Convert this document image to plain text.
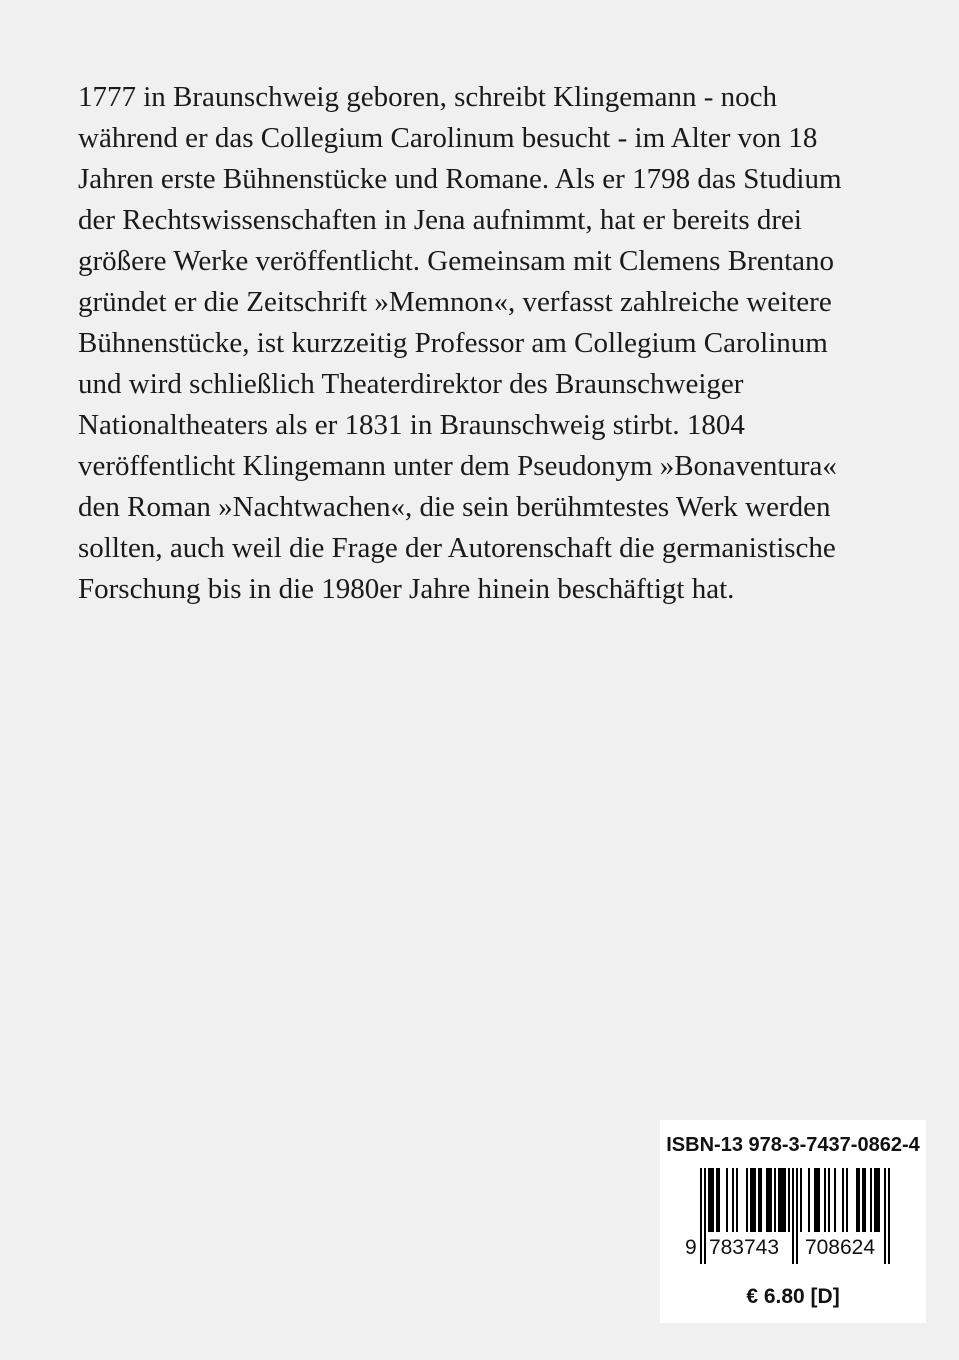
1777 in Braunschweig geboren, schreibt Klingemann - noch
während er das Collegium Carolinum besucht - im Alter von 18
Jahren erste Bühnenstücke und Romane. Als er 1798 das Studium
der Rechtswissenschaften in Jena aufnimmt, hat er bereits drei
größere Werke veröffentlicht. Gemeinsam mit Clemens Brentano
gründet er die Zeitschrift »Memnon«, verfasst zahlreiche weitere
Bühnenstücke, ist kurzzeitig Professor am Collegium Carolinum
und wird schließlich Theaterdirektor des Braunschweiger
Nationaltheaters als er 1831 in Braunschweig stirbt. 1804
veröffentlicht Klingemann unter dem Pseudonym »Bonaventura«
den Roman »Nachtwachen«, die sein berühmtestes Werk werden
sollten, auch weil die Frage der Autorenschaft die germanistische
Forschung bis in die 1980er Jahre hinein beschäftigt hat.
ISBN-13 978-3-7437-0862-4
9 783743 708624
€ 6.80 [D]
